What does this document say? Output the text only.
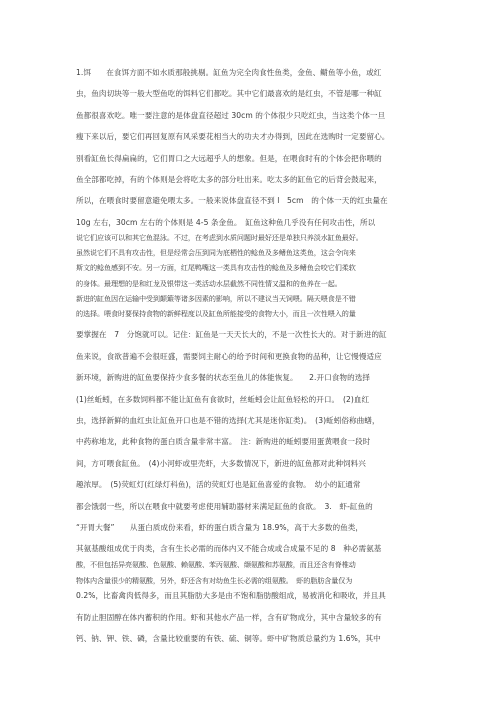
1.饵　　在食饵方面不如水质那般挑剔。缸鱼为完全肉食性鱼类，金鱼、鳚鱼等小鱼，或红
虫，鱼肉切块等一般大型鱼吃的饵料它们都吃。其中它们最喜欢的是红虫，不管是哪一种缸
鱼都很喜欢吃。唯一要注意的是体盘直径超过 30cm 的个体很少只吃红虫，当这类个体一旦
瘦下来以后，要它们再回复原有风采要花相当大的功夫才办得到，因此在选购时一定要留心。
别看缸鱼长得扁扁的，它们胃口之大远超乎人的想象。但是，在喂食时有的个体会把你喂的
鱼全部都吃掉，有的个体则是会将吃太多的部分吐出来。吃太多的缸鱼它的后背会鼓起来，
所以，在喂食时要留意避免喂太多。一般来说体盘直径不到 l　5cm　的个体一天的红虫量在
10g 左右，30cm 左右的个体则是 4-5 条金鱼。　缸鱼这种鱼几乎没有任何攻击性，所以
说它们应该可以和其它鱼混泳。不过，在考虑到水质问题时最好还是单独只养淡水缸鱼最好。
虽然说它们不具有攻击性，但是经常会压到同为底栖性的鲶鱼及多鳍鱼这类鱼，这会令向来
斯文的鲶鱼感到不安。另一方面，红尾鸭嘴这一类具有攻击性的鲶鱼及多鳍鱼会咬它们柔软
的身体。最理想的是和红龙及银带这一类活动水层截然不同性情又温和的鱼养在一起。
新进的缸鱼因在运输中受到颠簸等诸多因素的影响，所以不建议当天饲喂。隔天喂食是不错
的选择。喂食时要保持食物的新鲜程度以及缸鱼所能接受的食物大小，而且一次性喂入的量
要掌握在　7　分饱就可以。记住：缸鱼是一天天长大的，不是一次性长大的。对于新进的缸
鱼来说，食欲普遍不会很旺盛，需要饲主耐心的给予时间和更换食物的品种，让它慢慢适应
新环境，新购进的缸鱼要保持少食多餐的状态至鱼儿的体能恢复。　　2.开口食物的选择
(1)丝蚯蚓，在多数饲料都不能让缸鱼有食欲时，丝蚯蚓会让缸鱼轻松的开口。　(2)血红
虫，选择新鲜的血红虫让缸鱼开口也是不错的选择(尤其是迷你缸类)。　(3)蚯蚓俗称曲蟮，
中药称地龙，此种食物的蛋白质含量非常丰富。　注：新购进的蚯蚓要用蛋黄喂食一段时
间，方可喂食缸鱼。　(4)小河虾或里壳虾，大多数情况下，新进的缸鱼都对此种饲料兴
趣浓厚。　(5)荧虹灯(红绿灯科鱼)，活的荧虹灯也是缸鱼喜爱的食物。　幼小的缸通常
都会饿弱一些，所以在喂食中就要考虑使用辅助器材来满足缸鱼的食欲。　3.　虾-缸鱼的
“开胃大餐”　　从蛋白质成份来看，虾的蛋白质含量为 18.9%，高于大多数的鱼类，
其氨基酸组成优于肉类，含有生长必需的而体内又不能合成或合成量不足的 8　种必需氨基
酸，不但包括异亮氨酸、色氨酸、赖氨酸、苯丙氨酸、缬氨酸和苏氨酸，而且还含有脊椎动
物体内含量很少的精氨酸，另外，虾还含有对幼鱼生长必需的组氨酸。　虾的脂肪含量仅为
0.2%，比畜禽肉低得多，而且其脂肪大多是由不饱和脂肪酸组成，易被消化和吸收，并且具
有防止胆固醇在体内蓄积的作用。虾和其他水产品一样，含有矿物成分，其中含量较多的有
钙、钠、钾、铁、磷，含量比较重要的有铁、硫、铜等。虾中矿物质总量约为 1.6%，其中
